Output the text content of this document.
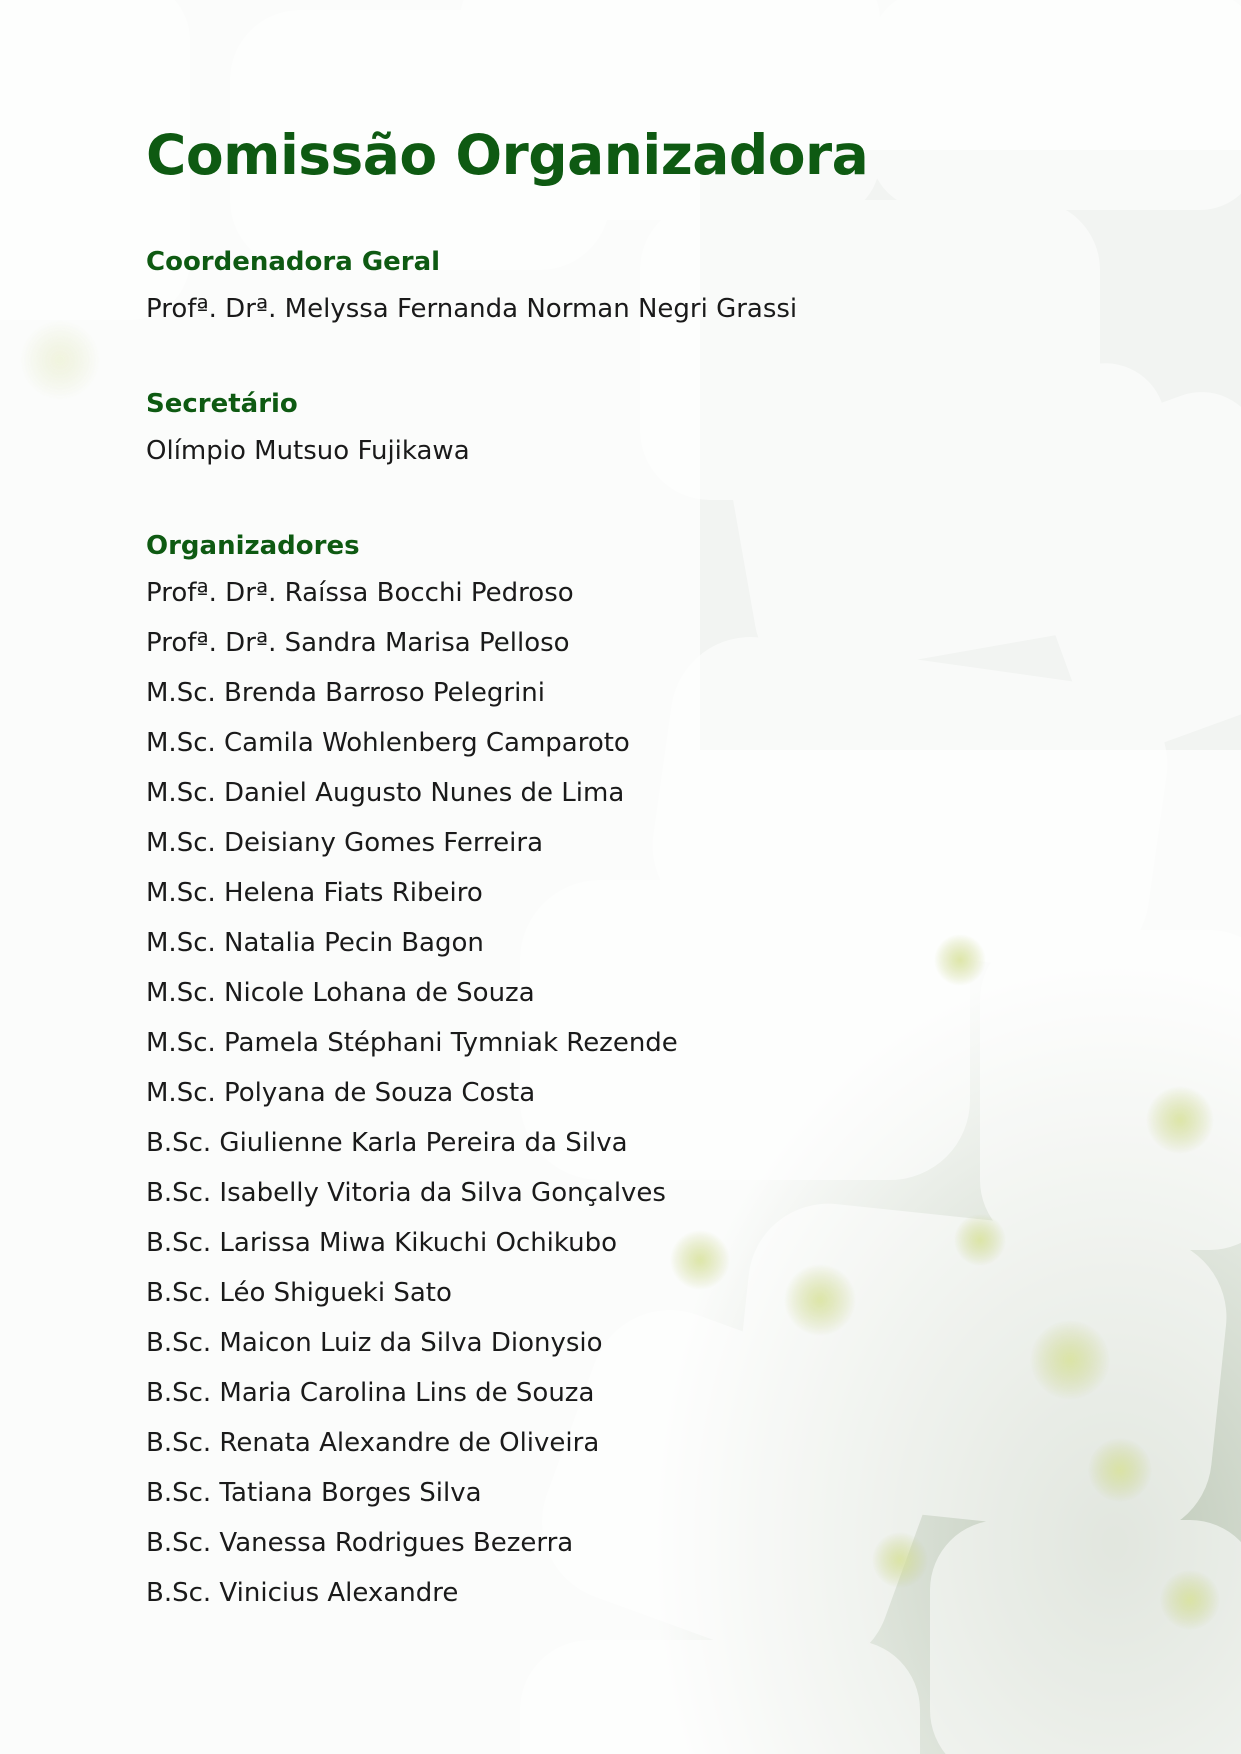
Comissão Organizadora
Coordenadora Geral
Profª. Drª. Melyssa Fernanda Norman Negri Grassi
Secretário
Olímpio Mutsuo Fujikawa
Organizadores
Profª. Drª. Raíssa Bocchi Pedroso
Profª. Drª. Sandra Marisa Pelloso
M.Sc. Brenda Barroso Pelegrini
M.Sc. Camila Wohlenberg Camparoto
M.Sc. Daniel Augusto Nunes de Lima
M.Sc. Deisiany Gomes Ferreira
M.Sc. Helena Fiats Ribeiro
M.Sc. Natalia Pecin Bagon
M.Sc. Nicole Lohana de Souza
M.Sc. Pamela Stéphani Tymniak Rezende
M.Sc. Polyana de Souza Costa
B.Sc. Giulienne Karla Pereira da Silva
B.Sc. Isabelly Vitoria da Silva Gonçalves
B.Sc. Larissa Miwa Kikuchi Ochikubo
B.Sc. Léo Shigueki Sato
B.Sc. Maicon Luiz da Silva Dionysio
B.Sc. Maria Carolina Lins de Souza
B.Sc. Renata Alexandre de Oliveira
B.Sc. Tatiana Borges Silva
B.Sc. Vanessa Rodrigues Bezerra
B.Sc. Vinicius Alexandre
